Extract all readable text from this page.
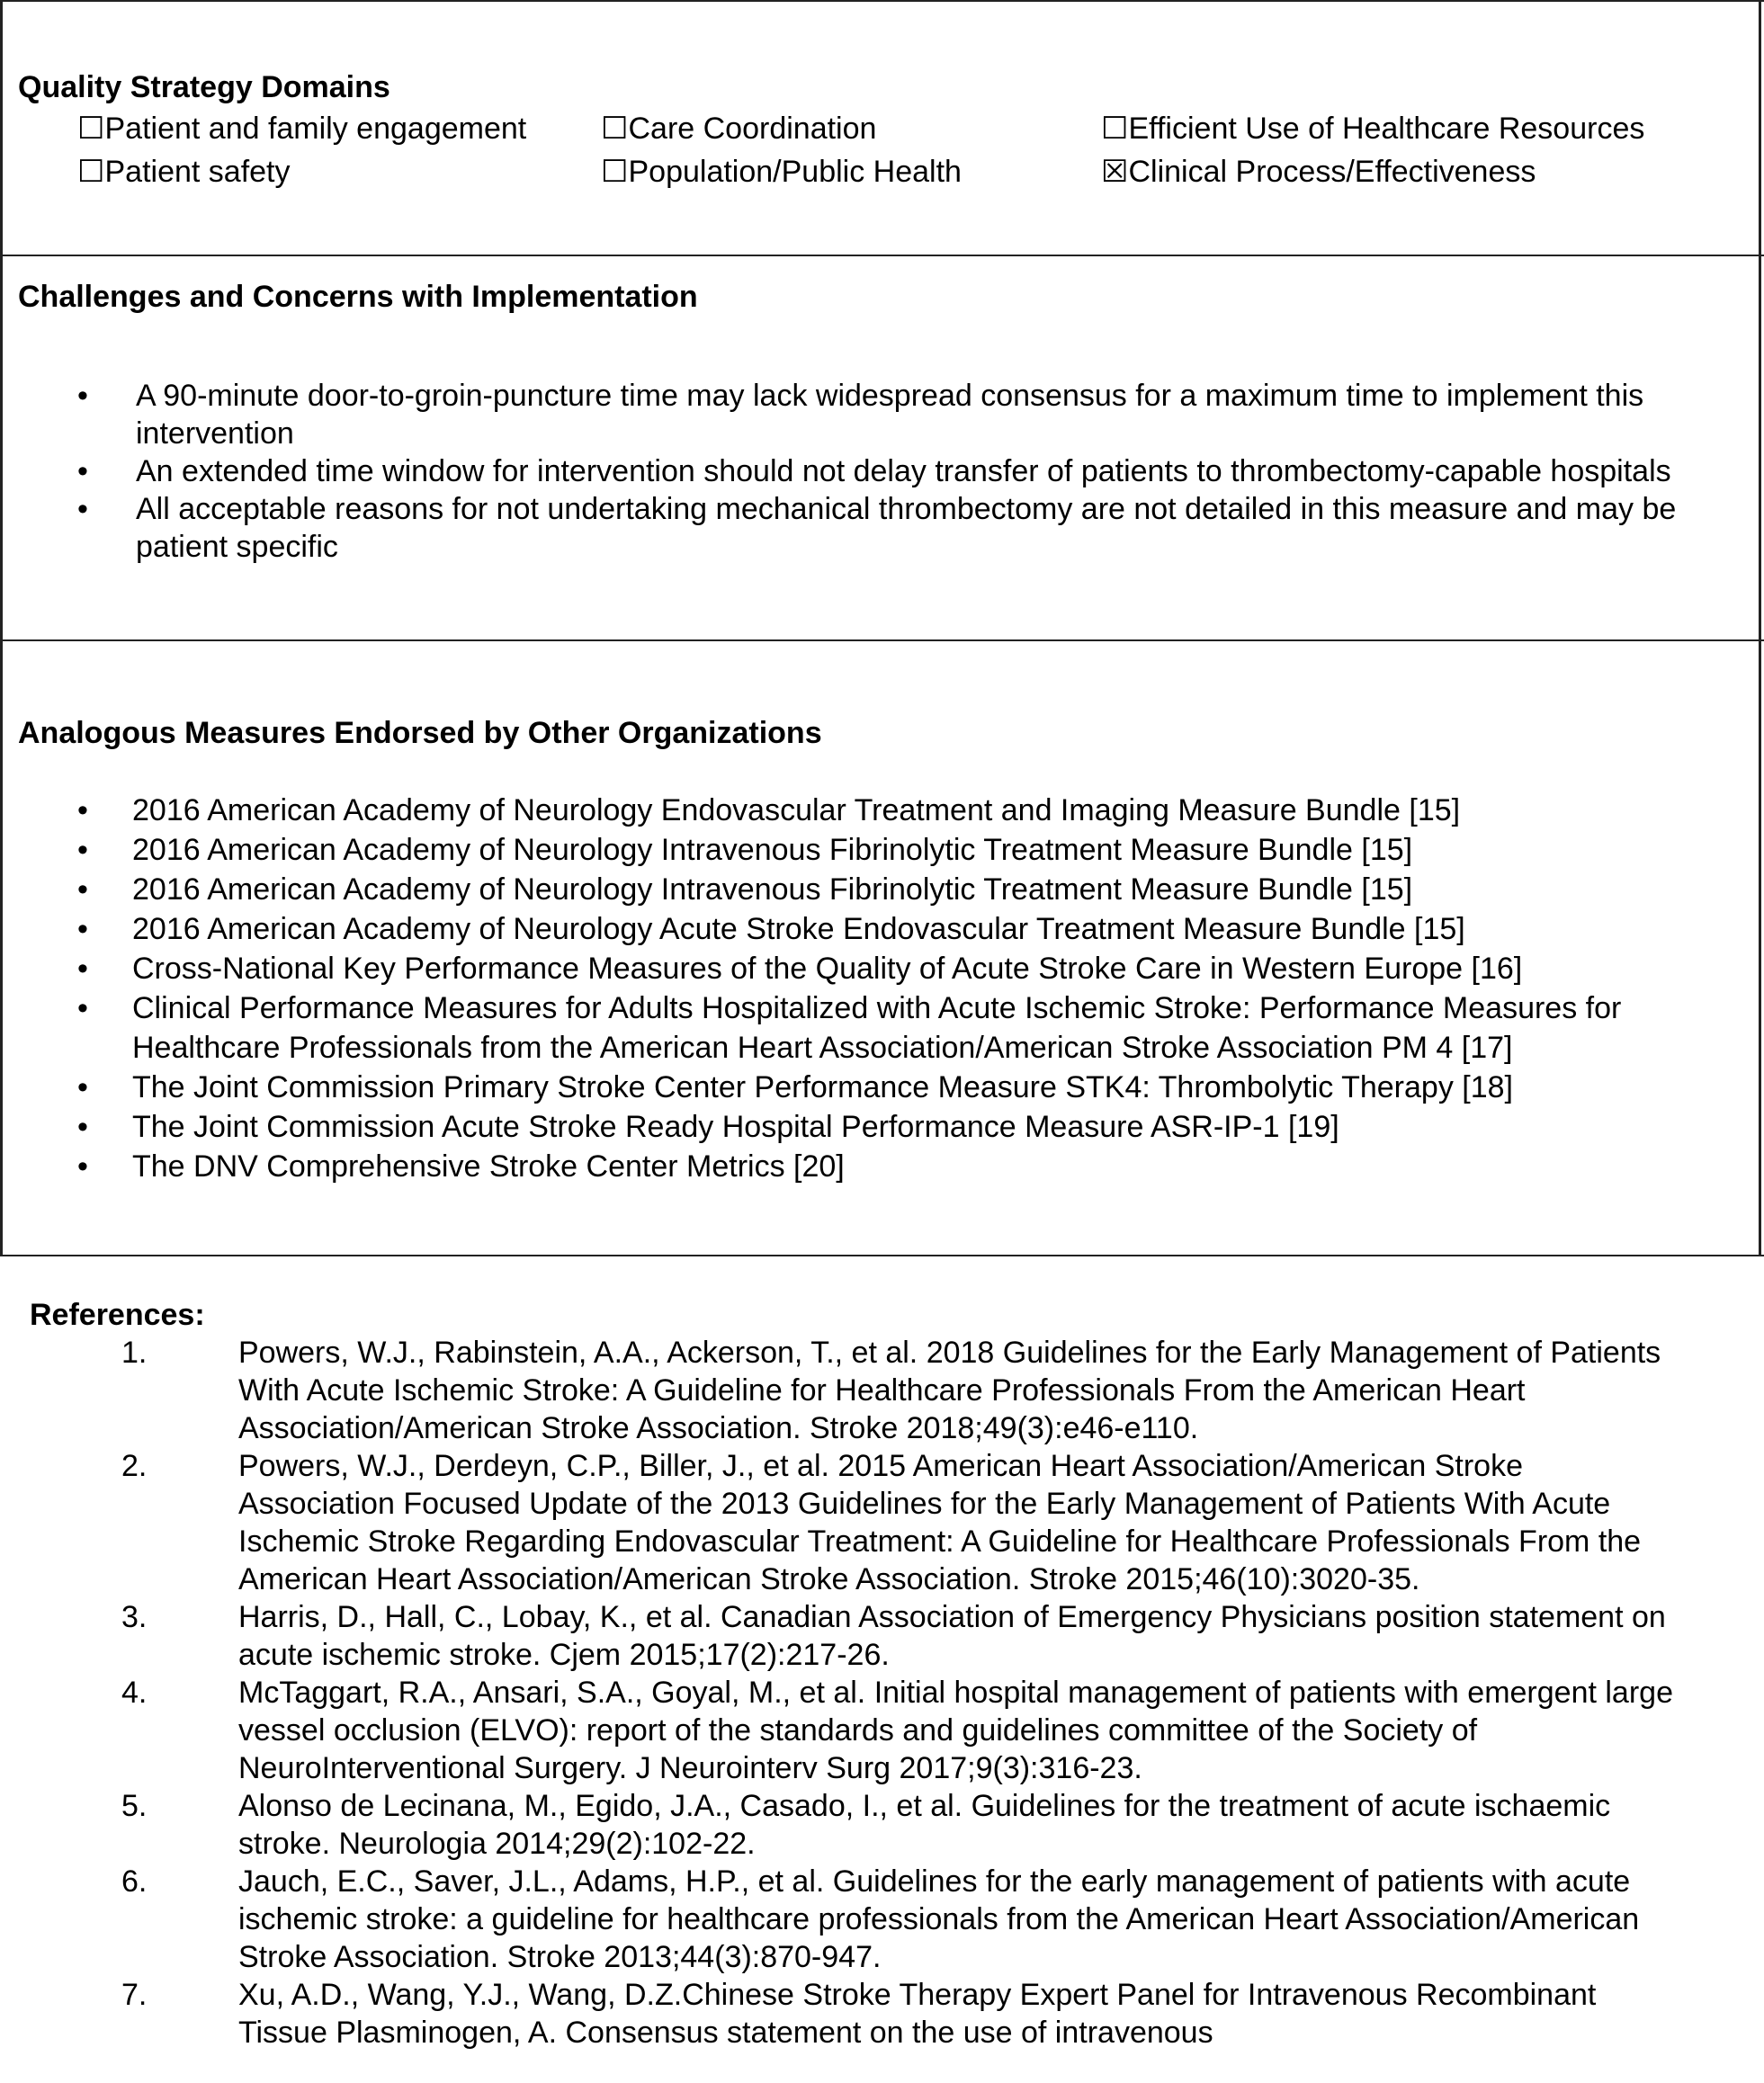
Quality Strategy Domains
☐Patient and family engagement ☐Care Coordination	☐Efficient Use of Healthcare Resources
☐Patient safety	☐Population/Public Health	☒Clinical Process/Effectiveness
Challenges and Concerns with Implementation
• A 90-minute door-to-groin-puncture time may lack widespread consensus for a maximum time to implement this intervention
• An extended time window for intervention should not delay transfer of patients to thrombectomy-capable hospitals
• All acceptable reasons for not undertaking mechanical thrombectomy are not detailed in this measure and may be patient specific
Analogous Measures Endorsed by Other Organizations
• 2016 American Academy of Neurology Endovascular Treatment and Imaging Measure Bundle [15]
• 2016 American Academy of Neurology Intravenous Fibrinolytic Treatment Measure Bundle [15]
• 2016 American Academy of Neurology Intravenous Fibrinolytic Treatment Measure Bundle [15]
• 2016 American Academy of Neurology Acute Stroke Endovascular Treatment Measure Bundle [15]
• Cross-National Key Performance Measures of the Quality of Acute Stroke Care in Western Europe [16]
• Clinical Performance Measures for Adults Hospitalized with Acute Ischemic Stroke: Performance Measures for Healthcare Professionals from the American Heart Association/American Stroke Association PM 4 [17]
• The Joint Commission Primary Stroke Center Performance Measure STK4: Thrombolytic Therapy [18]
• The Joint Commission Acute Stroke Ready Hospital Performance Measure ASR-IP-1 [19]
• The DNV Comprehensive Stroke Center Metrics [20]
References:
1.	Powers, W.J., Rabinstein, A.A., Ackerson, T., et al. 2018 Guidelines for the Early Management of Patients With Acute Ischemic Stroke: A Guideline for Healthcare Professionals From the American Heart Association/American Stroke Association. Stroke 2018;49(3):e46-e110.
2.	Powers, W.J., Derdeyn, C.P., Biller, J., et al. 2015 American Heart Association/American Stroke Association Focused Update of the 2013 Guidelines for the Early Management of Patients With Acute Ischemic Stroke Regarding Endovascular Treatment: A Guideline for Healthcare Professionals From the American Heart Association/American Stroke Association. Stroke 2015;46(10):3020-35.
3.	Harris, D., Hall, C., Lobay, K., et al. Canadian Association of Emergency Physicians position statement on acute ischemic stroke. Cjem 2015;17(2):217-26.
4.	McTaggart, R.A., Ansari, S.A., Goyal, M., et al. Initial hospital management of patients with emergent large vessel occlusion (ELVO): report of the standards and guidelines committee of the Society of NeuroInterventional Surgery. J Neurointerv Surg 2017;9(3):316-23.
5.	Alonso de Lecinana, M., Egido, J.A., Casado, I., et al. Guidelines for the treatment of acute ischaemic stroke. Neurologia 2014;29(2):102-22.
6.	Jauch, E.C., Saver, J.L., Adams, H.P., et al. Guidelines for the early management of patients with acute ischemic stroke: a guideline for healthcare professionals from the American Heart Association/American Stroke Association. Stroke 2013;44(3):870-947.
7.	Xu, A.D., Wang, Y.J., Wang, D.Z.Chinese Stroke Therapy Expert Panel for Intravenous Recombinant Tissue Plasminogen, A. Consensus statement on the use of intravenous
